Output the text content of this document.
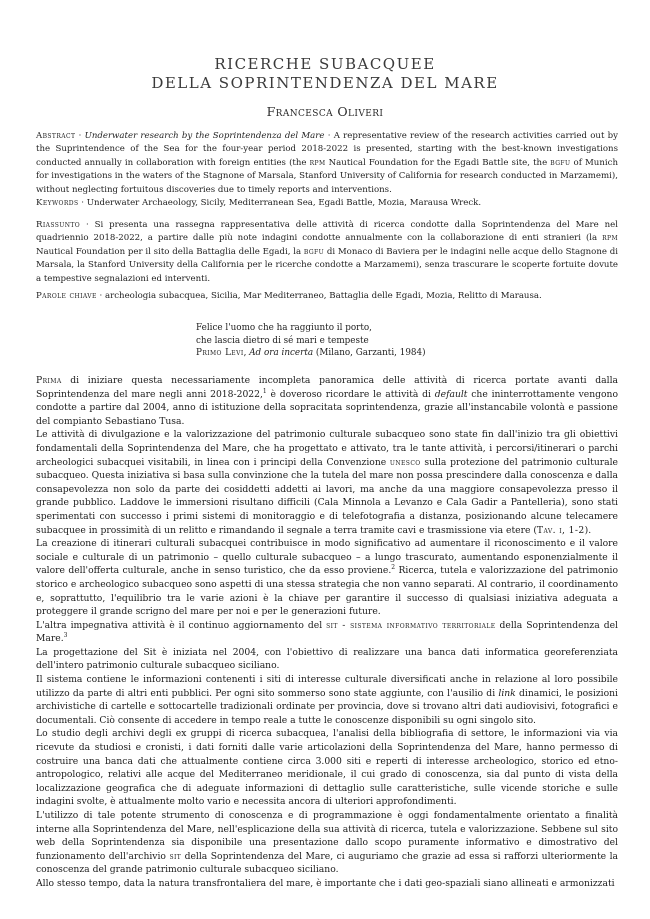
RICERCHE SUBACQUEE
DELLA SOPRINTENDENZA DEL MARE
Francesca Oliveri
Abstract · Underwater research by the Soprintendenza del Mare · A representative review of the research activities carried out by the Suprintendence of the Sea for the four-year period 2018-2022 is presented, starting with the best-known investigations conducted annually in collaboration with foreign entities (the rpm Nautical Foundation for the Egadi Battle site, the bgfu of Munich for investigations in the waters of the Stagnone of Marsala, Stanford University of California for research conducted in Marzamemi), without neglecting fortuitous discoveries due to timely reports and interventions.
Keywords · Underwater Archaeology, Sicily, Mediterranean Sea, Egadi Battle, Mozia, Marausa Wreck.
Riassunto · Si presenta una rassegna rappresentativa delle attività di ricerca condotte dalla Soprintendenza del Mare nel quadriennio 2018-2022, a partire dalle più note indagini condotte annualmente con la collaborazione di enti stranieri (la rpm Nautical Foundation per il sito della Battaglia delle Egadi, la bgfu di Monaco di Baviera per le indagini nelle acque dello Stagnone di Marsala, la Stanford University della California per le ricerche condotte a Marzamemi), senza trascurare le scoperte fortuite dovute a tempestive segnalazioni ed interventi.
Parole chiave · archeologia subacquea, Sicilia, Mar Mediterraneo, Battaglia delle Egadi, Mozia, Relitto di Marausa.
Felice l'uomo che ha raggiunto il porto,
che lascia dietro di sé mari e tempeste
Primo Levi, Ad ora incerta (Milano, Garzanti, 1984)

Prima di iniziare questa necessariamente incompleta panoramica delle attività di ricerca portate avanti dalla Soprintendenza del mare negli anni 2018-2022,$^1$ è doveroso ricordare le attività di default che ininterrottamente vengono condotte a partire dal 2004, anno di istituzione della sopracitata soprintendenza, grazie all'instancabile volontà e passione del compianto Sebastiano Tusa.

Le attività di divulgazione e la valorizzazione del patrimonio culturale subacqueo sono state fin dall'inizio tra gli obiettivi fondamentali della Soprintendenza del Mare, che ha progettato e attivato, tra le tante attività, i percorsi/itinerari o parchi archeologici subacquei visitabili, in linea con i principi della Convenzione unesco sulla protezione del patrimonio culturale subacqueo. Questa iniziativa si basa sulla convinzione che la tutela del mare non possa prescindere dalla conoscenza e dalla consapevolezza non solo da parte dei cosiddetti addetti ai lavori, ma anche da una maggiore consapevolezza presso il grande pubblico. Laddove le immersioni risultano difficili (Cala Minnola a Levanzo e Cala Gadir a Pantelleria), sono stati sperimentati con successo i primi sistemi di monitoraggio e di telefotografia a distanza, posizionando alcune telecamere subacquee in prossimità di un relitto e rimandando il segnale a terra tramite cavi e trasmissione via etere (Tav. i, 1-2).

La creazione di itinerari culturali subacquei contribuisce in modo significativo ad aumentare il riconoscimento e il valore sociale e culturale di un patrimonio – quello culturale subacqueo – a lungo trascurato, aumentando esponenzialmente il valore dell'offerta culturale, anche in senso turistico, che da esso proviene.$^2$ Ricerca, tutela e valorizzazione del patrimonio storico e archeologico subacqueo sono aspetti di una stessa strategia che non vanno separati. Al contrario, il coordinamento e, soprattutto, l'equilibrio tra le varie azioni è la chiave per garantire il successo di qualsiasi iniziativa adeguata a proteggere il grande scrigno del mare per noi e per le generazioni future.

L'altra impegnativa attività è il continuo aggiornamento del sit - sistema informativo territoriale della Soprintendenza del Mare.$^3$

La progettazione del Sit è iniziata nel 2004, con l'obiettivo di realizzare una banca dati informatica georeferenziata dell'intero patrimonio culturale subacqueo siciliano.

Il sistema contiene le informazioni contenenti i siti di interesse culturale diversificati anche in relazione al loro possibile utilizzo da parte di altri enti pubblici. Per ogni sito sommerso sono state aggiunte, con l'ausilio di link dinamici, le posizioni archivistiche di cartelle e sottocartelle tradizionali ordinate per provincia, dove si trovano altri dati audiovisivi, fotografici e documentali. Ciò consente di accedere in tempo reale a tutte le conoscenze disponibili su ogni singolo sito.

Lo studio degli archivi degli ex gruppi di ricerca subacquea, l'analisi della bibliografia di settore, le informazioni via via ricevute da studiosi e cronisti, i dati forniti dalle varie articolazioni della Soprintendenza del Mare, hanno permesso di costruire una banca dati che attualmente contiene circa 3.000 siti e reperti di interesse archeologico, storico ed etno-antropologico, relativi alle acque del Mediterraneo meridionale, il cui grado di conoscenza, sia dal punto di vista della localizzazione geografica che di adeguate informazioni di dettaglio sulle caratteristiche, sulle vicende storiche e sulle indagini svolte, è attualmente molto vario e necessita ancora di ulteriori approfondimenti.

L'utilizzo di tale potente strumento di conoscenza e di programmazione è oggi fondamentalmente orientato a finalità interne alla Soprintendenza del Mare, nell'esplicazione della sua attività di ricerca, tutela e valorizzazione. Sebbene sul sito web della Soprintendenza sia disponibile una presentazione dallo scopo puramente informativo e dimostrativo del funzionamento dell'archivio sit della Soprintendenza del Mare, ci auguriamo che grazie ad essa si rafforzi ulteriormente la conoscenza del grande patrimonio culturale subacqueo siciliano.

Allo stesso tempo, data la natura transfrontaliera del mare, è importante che i dati geo-spaziali siano allineati e armonizzati
